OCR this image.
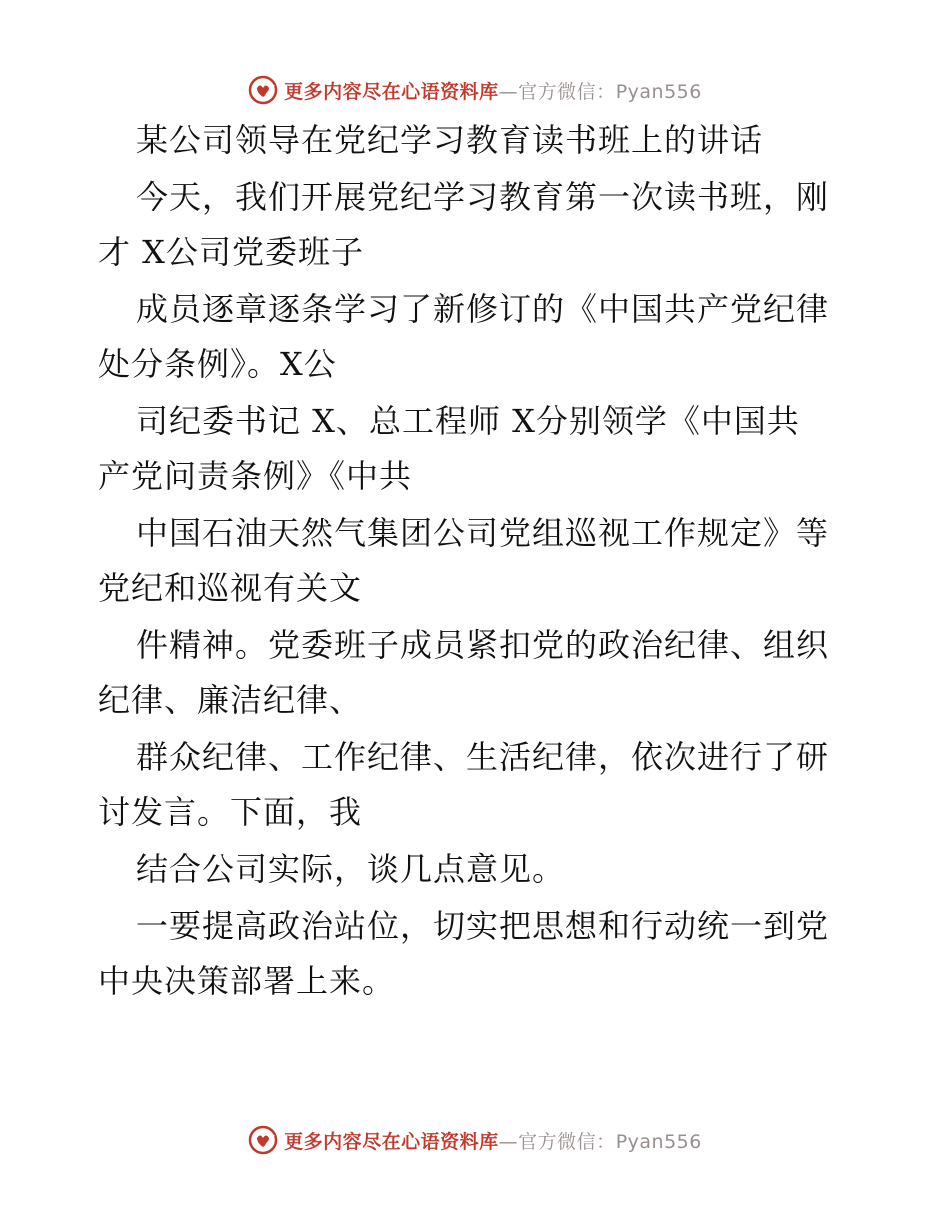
更多内容尽在心语资料库—官方微信：Pyan556
某公司领导在党纪学习教育读书班上的讲话
今天，我们开展党纪学习教育第一次读书班，刚
才 X公司党委班子
成员逐章逐条学习了新修订的《中国共产党纪律
处分条例》。X公
司纪委书记 X、总工程师 X分别领学《中国共
产党问责条例》《中共
中国石油天然气集团公司党组巡视工作规定》等
党纪和巡视有关文
件精神。党委班子成员紧扣党的政治纪律、组织
纪律、廉洁纪律、
群众纪律、工作纪律、生活纪律，依次进行了研
讨发言。下面，我
结合公司实际，谈几点意见。
一要提高政治站位，切实把思想和行动统一到党
中央决策部署上来。
更多内容尽在心语资料库—官方微信：Pyan556
